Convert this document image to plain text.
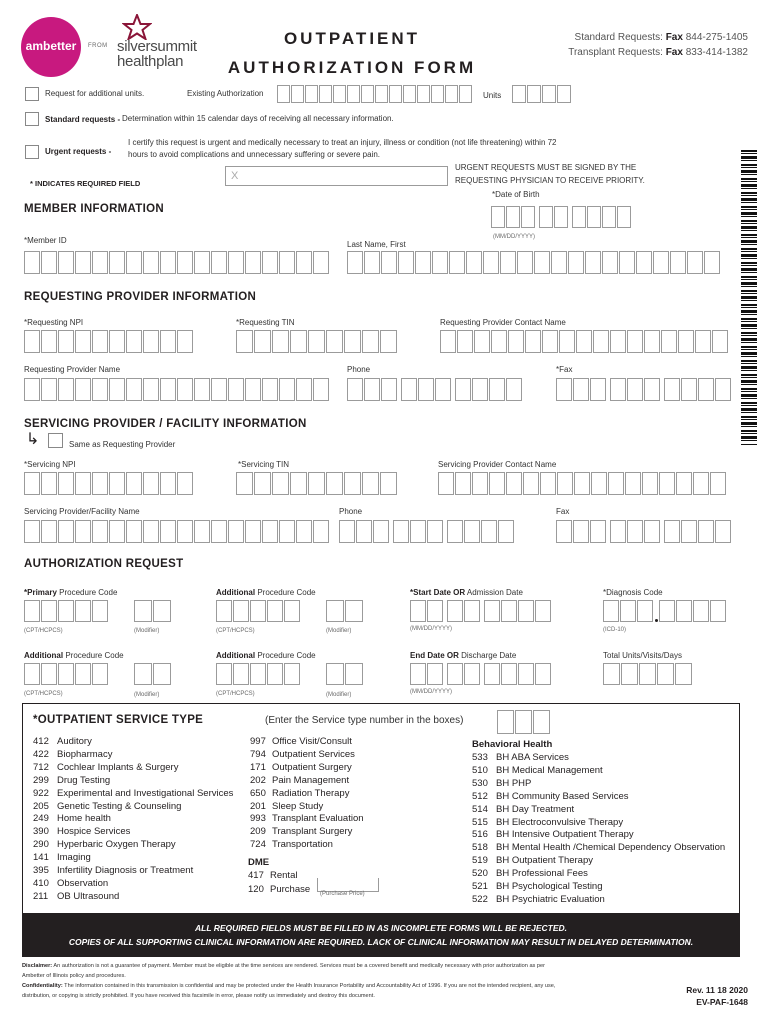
ambetter	FROM silversummit
healthplan
OUTPATIENT
AUTHORIZATION FORM
Standard Requests: Fax 844-275-1405
Transplant Requests: Fax 833-414-1382
Request for additional units.	Existing Authorization	Units
Standard requests - Determination within 15 calendar days of receiving all necessary information.
Urgent requests -
I certify this request is urgent and medically necessary to treat an injury, illness or condition (not life threatening) within 72
hours to avoid complications and unnecessary suffering or severe pain.
X
URGENT REQUESTS MUST BE SIGNED BY THE
REQUESTING PHYSICIAN TO RECEIVE PRIORITY.
* INDICATES REQUIRED FIELD
MEMBER INFORMATION
*Date of Birth
(MM/DD/YYYY)
*Member ID	Last Name, First
REQUESTING PROVIDER INFORMATION
*Requesting NPI	*Requesting TIN	Requesting Provider Contact Name
Requesting Provider Name	Phone	*Fax
SERVICING PROVIDER / FACILITY INFORMATION
↳	Same as Requesting Provider
*Servicing NPI	*Servicing TIN	Servicing Provider Contact Name
Servicing Provider/Facility Name	Phone	Fax
AUTHORIZATION REQUEST
*Primary Procedure Code	Additional Procedure Code	*Start Date OR Admission Date	*Diagnosis Code
(CPT/HCPCS)	(Modifier)	(CPT/HCPCS)	(Modifier)	(MM/DD/YYYY)	(ICD-10)
Additional Procedure Code	Additional Procedure Code	End Date OR Discharge Date	Total Units/Visits/Days
(CPT/HCPCS)	(Modifier)	(CPT/HCPCS)	(Modifier)	(MM/DD/YYYY)
*OUTPATIENT SERVICE TYPE	(Enter the Service type number in the boxes)
412 Auditory
422 Biopharmacy
712 Cochlear Implants & Surgery
299 Drug Testing
922 Experimental and Investigational Services
205 Genetic Testing & Counseling
249 Home health
390 Hospice Services
290 Hyperbaric Oxygen Therapy
141 Imaging
395 Infertility Diagnosis or Treatment
410 Observation
211 OB Ultrasound
997 Office Visit/Consult
794 Outpatient Services
171 Outpatient Surgery
202 Pain Management
650 Radiation Therapy
201 Sleep Study
993 Transplant Evaluation
209 Transplant Surgery
724 Transportation
DME
417 Rental
120 Purchase (Purchase Price)
Behavioral Health
533 BH ABA Services
510 BH Medical Management
530 BH PHP
512 BH Community Based Services
514 BH Day Treatment
515 BH Electroconvulsive Therapy
516 BH Intensive Outpatient Therapy
518 BH Mental Health /Chemical Dependency Observation
519 BH Outpatient Therapy
520 BH Professional Fees
521 BH Psychological Testing
522 BH Psychiatric Evaluation
ALL REQUIRED FIELDS MUST BE FILLED IN AS INCOMPLETE FORMS WILL BE REJECTED.
COPIES OF ALL SUPPORTING CLINICAL INFORMATION ARE REQUIRED. LACK OF CLINICAL INFORMATION MAY RESULT IN DELAYED DETERMINATION.
Disclaimer: An authorization is not a guarantee of payment. Member must be eligible at the time services are rendered. Services must be a covered benefit and medically necessary with prior authorization as per
Ambetter of Illinois policy and procedures.
Confidentiality: The information contained in this transmission is confidential and may be protected under the Health Insurance Portability and Accountability Act of 1996. If you are not the intended recipient, any use,
distribution, or copying is strictly prohibited. If you have received this facsimile in error, please notify us immediately and destroy this document.
Rev. 11 18 2020
EV-PAF-1648
